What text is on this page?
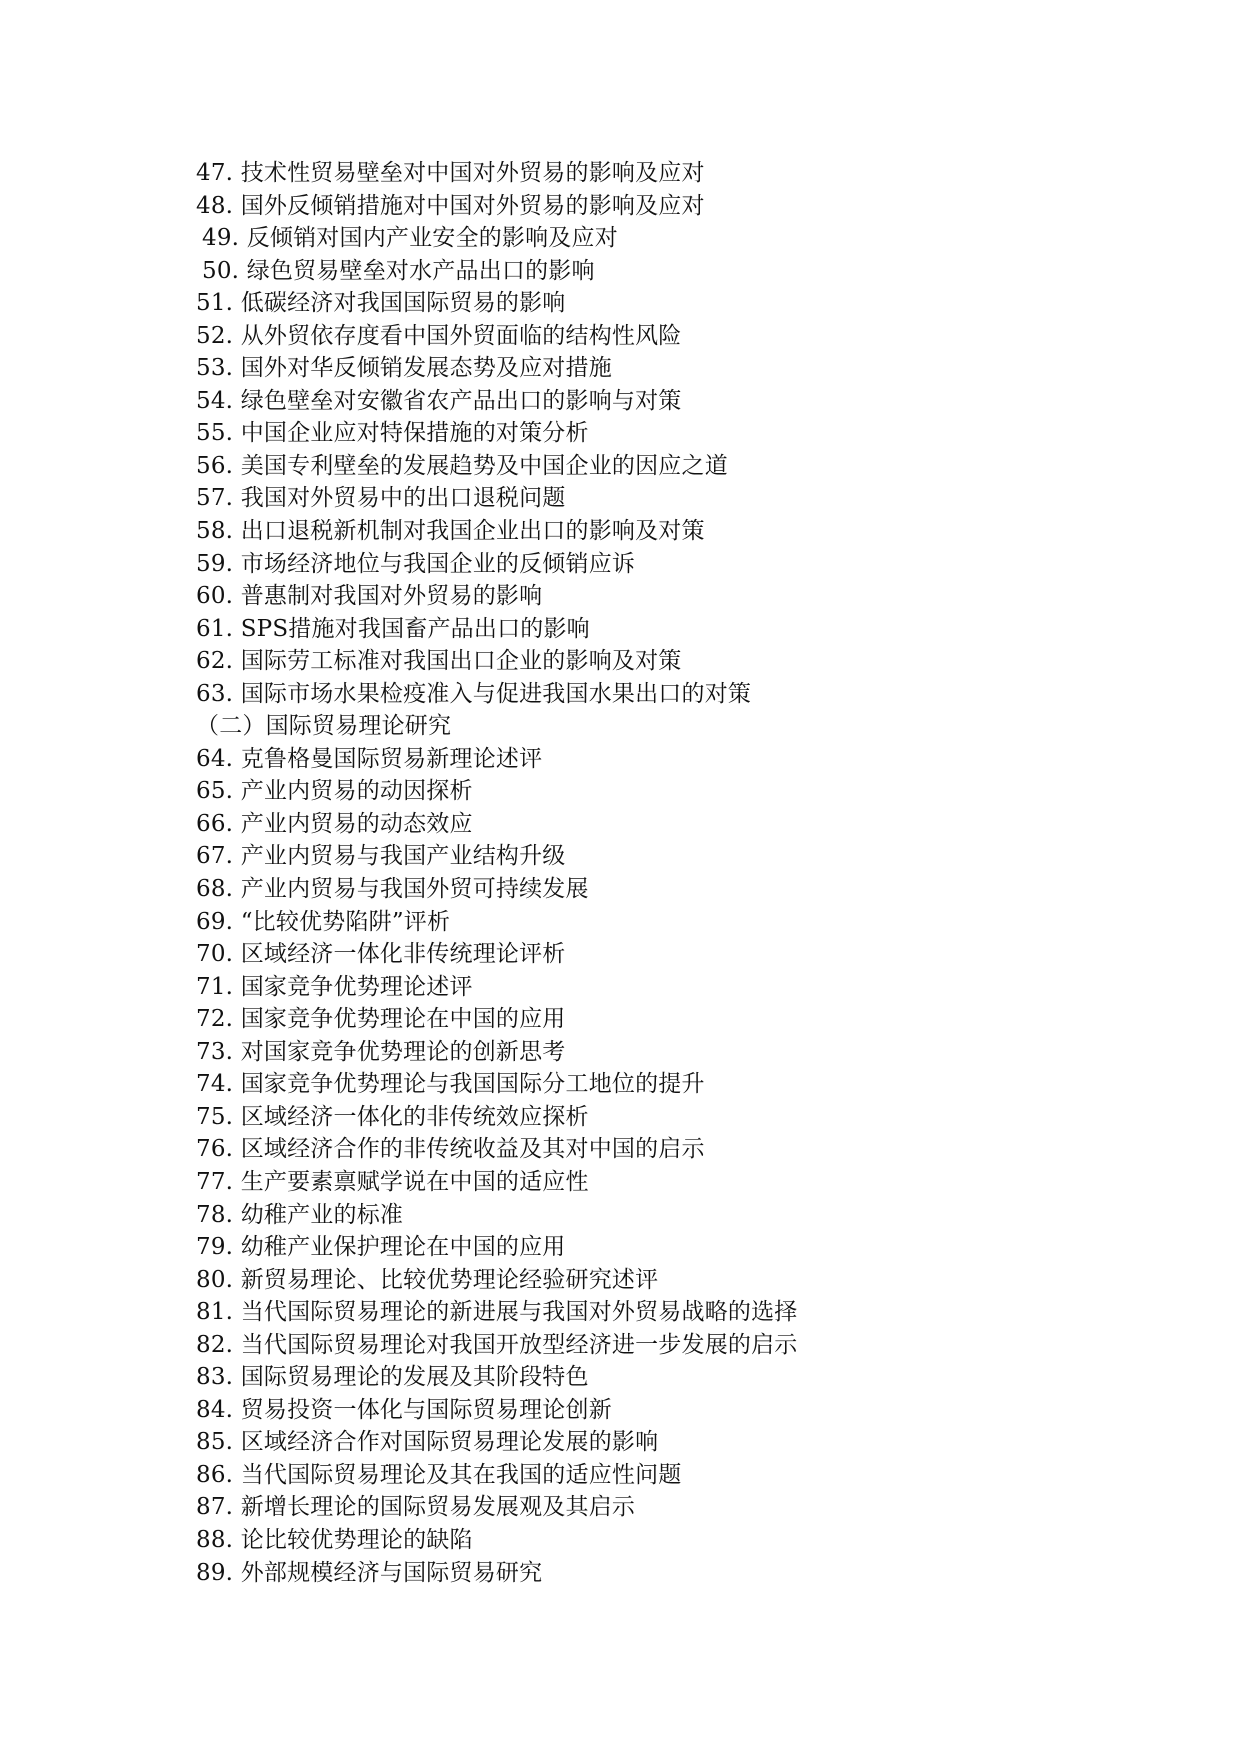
47. 技术性贸易壁垒对中国对外贸易的影响及应对
48. 国外反倾销措施对中国对外贸易的影响及应对
49. 反倾销对国内产业安全的影响及应对
50. 绿色贸易壁垒对水产品出口的影响
51. 低碳经济对我国国际贸易的影响
52. 从外贸依存度看中国外贸面临的结构性风险
53. 国外对华反倾销发展态势及应对措施
54. 绿色壁垒对安徽省农产品出口的影响与对策
55. 中国企业应对特保措施的对策分析
56. 美国专利壁垒的发展趋势及中国企业的因应之道
57. 我国对外贸易中的出口退税问题
58. 出口退税新机制对我国企业出口的影响及对策
59. 市场经济地位与我国企业的反倾销应诉
60. 普惠制对我国对外贸易的影响
61. SPS措施对我国畜产品出口的影响
62. 国际劳工标准对我国出口企业的影响及对策
63. 国际市场水果检疫准入与促进我国水果出口的对策
（二）国际贸易理论研究
64. 克鲁格曼国际贸易新理论述评
65. 产业内贸易的动因探析
66. 产业内贸易的动态效应
67. 产业内贸易与我国产业结构升级
68. 产业内贸易与我国外贸可持续发展
69. “比较优势陷阱”评析
70. 区域经济一体化非传统理论评析
71. 国家竞争优势理论述评
72. 国家竞争优势理论在中国的应用
73. 对国家竞争优势理论的创新思考
74. 国家竞争优势理论与我国国际分工地位的提升
75. 区域经济一体化的非传统效应探析
76. 区域经济合作的非传统收益及其对中国的启示
77. 生产要素禀赋学说在中国的适应性
78. 幼稚产业的标准
79. 幼稚产业保护理论在中国的应用
80. 新贸易理论、比较优势理论经验研究述评
81. 当代国际贸易理论的新进展与我国对外贸易战略的选择
82. 当代国际贸易理论对我国开放型经济进一步发展的启示
83. 国际贸易理论的发展及其阶段特色
84. 贸易投资一体化与国际贸易理论创新
85. 区域经济合作对国际贸易理论发展的影响
86. 当代国际贸易理论及其在我国的适应性问题
87. 新增长理论的国际贸易发展观及其启示
88. 论比较优势理论的缺陷
89. 外部规模经济与国际贸易研究
